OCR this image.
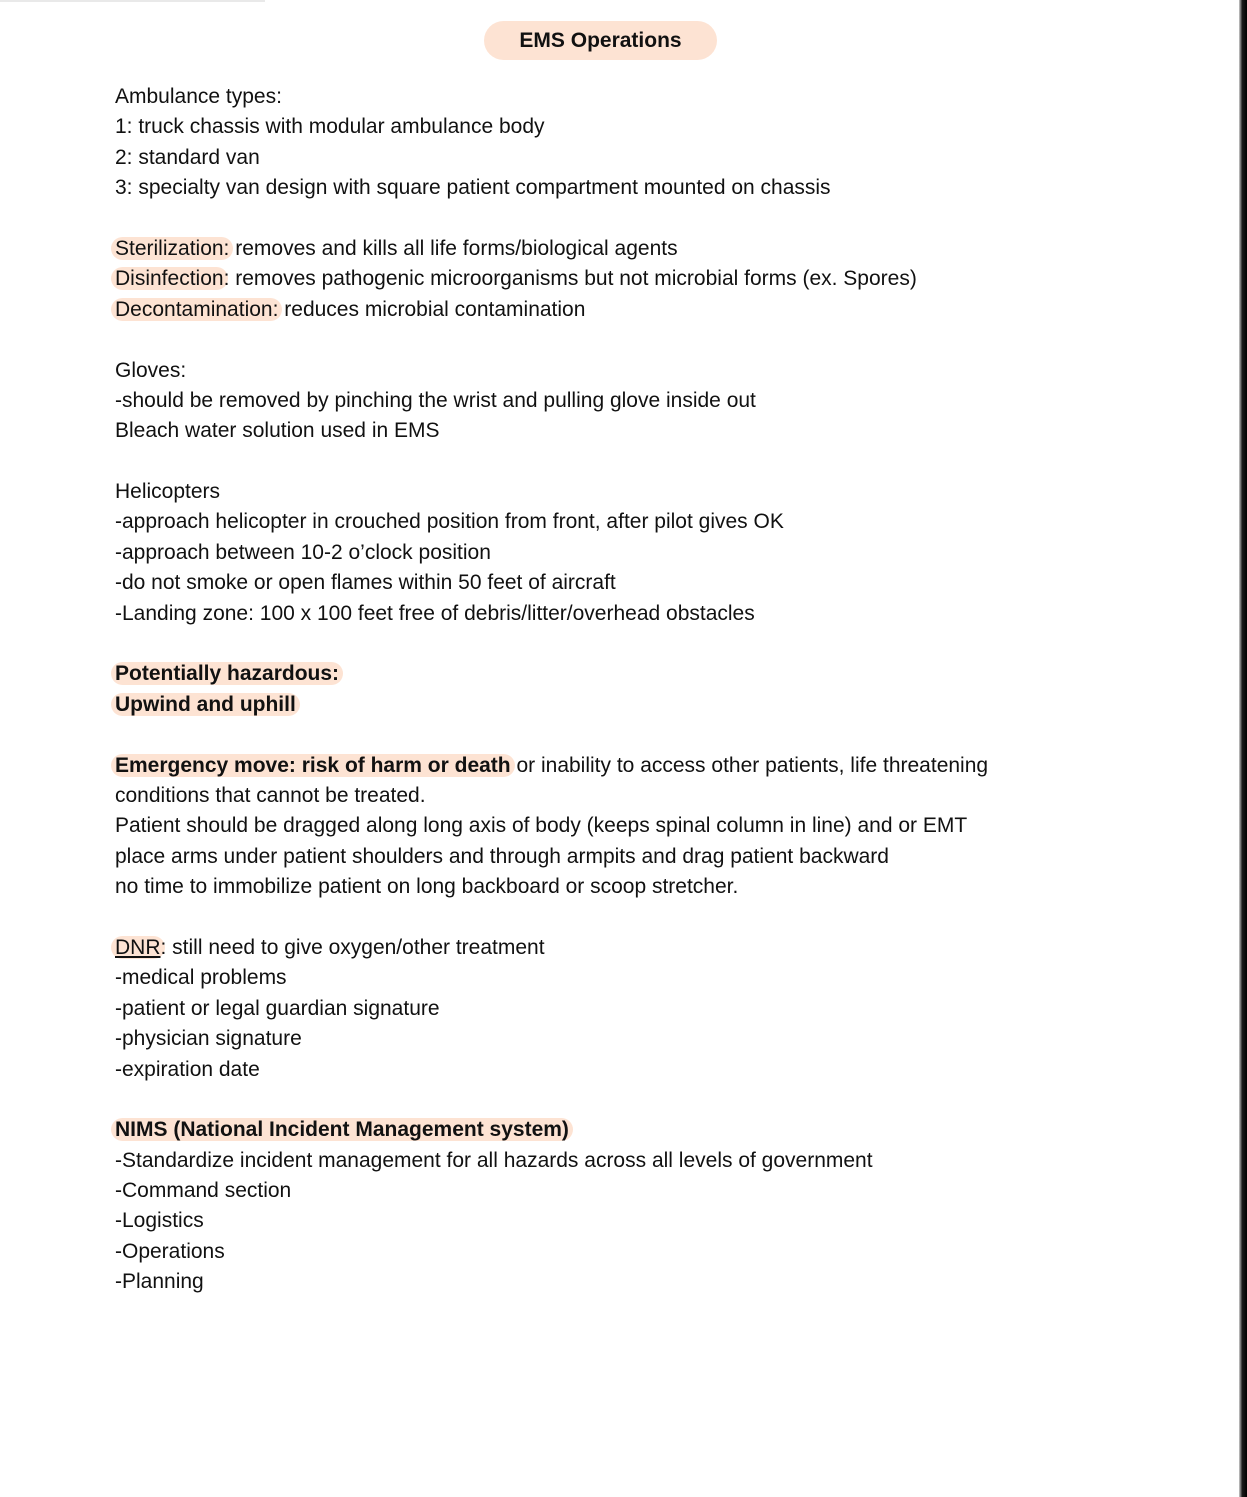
EMS Operations
Ambulance types:
1: truck chassis with modular ambulance body
2: standard van
3: specialty van design with square patient compartment mounted on chassis
Sterilization: removes and kills all life forms/biological agents
Disinfection: removes pathogenic microorganisms but not microbial forms (ex. Spores)
Decontamination: reduces microbial contamination
Gloves:
-should be removed by pinching the wrist and pulling glove inside out
Bleach water solution used in EMS
Helicopters
-approach helicopter in crouched position from front, after pilot gives OK
-approach between 10-2 o’clock position
-do not smoke or open flames within 50 feet of aircraft
-Landing zone: 100 x 100 feet free of debris/litter/overhead obstacles
Potentially hazardous:
Upwind and uphill
Emergency move: risk of harm or death or inability to access other patients, life threatening
conditions that cannot be treated.
Patient should be dragged along long axis of body (keeps spinal column in line) and or EMT
place arms under patient shoulders and through armpits and drag patient backward
no time to immobilize patient on long backboard or scoop stretcher.
DNR: still need to give oxygen/other treatment
-medical problems
-patient or legal guardian signature
-physician signature
-expiration date
NIMS (National Incident Management system)
-Standardize incident management for all hazards across all levels of government
-Command section
-Logistics
-Operations
-Planning
